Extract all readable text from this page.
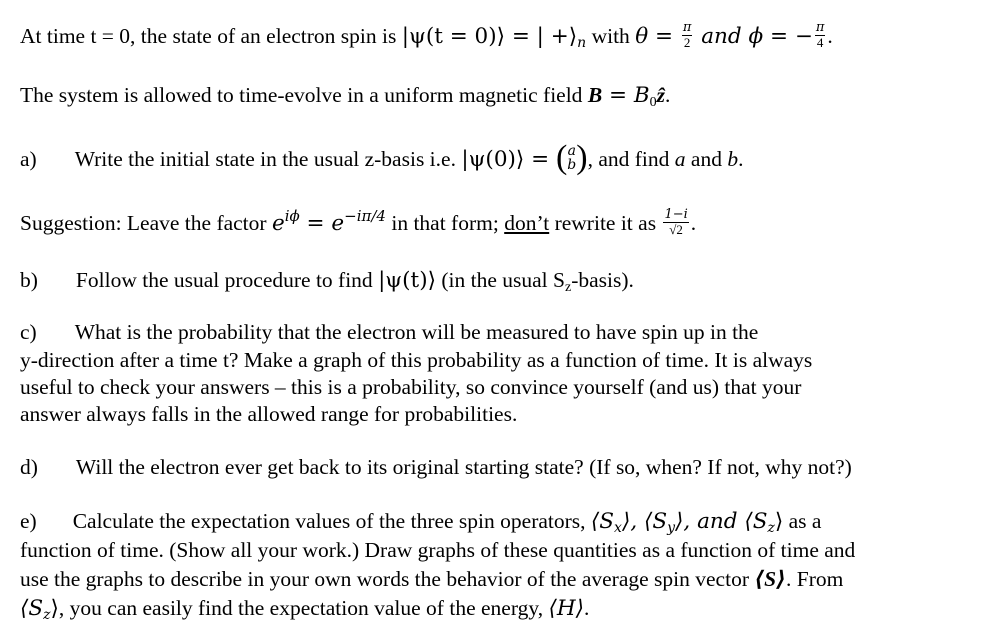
At time t = 0, the state of an electron spin is |ψ(t = 0)⟩ = | $+⟩_n$ with $\theta = \frac{\pi}{2}$ and ϕ = − $\frac{\pi}{4}$ .
The system is allowed to time-evolve in a uniform magnetic field $B = B_0ẑ$.
a) Write the initial state in the usual z-basis i.e. |ψ(0)⟩ = ( a
b ), and find a and b.
Suggestion: Leave the factor $e^{i\phi} = e^{-i\pi/4}$ in that form; don’t rewrite it as $\frac{1-i}{√2}$ .
b) Follow the usual procedure to find |ψ(t)⟩ (in the usual $S_z-basis$).
c) What is the probability that the electron will be measured to have spin up in the
y-direction after a time t? Make a graph of this probability as a function of time. It is always
useful to check your answers – this is a probability, so convince yourself (and us) that your
answer always falls in the allowed range for probabilities.
d) Will the electron ever get back to its original starting state? (If so, when? If not, why not?)
e) Calculate the expectation values of the three spin operators, $⟨S_x⟩$, $⟨S_y⟩$, and $⟨S_z⟩$ as a
function of time. (Show all your work.) Draw graphs of these quantities as a function of time and
use the graphs to describe in your own words the behavior of the average spin vector ⟨S⟩. From
$⟨S_z⟩$, you can easily find the expectation value of the energy, ⟨H⟩.
